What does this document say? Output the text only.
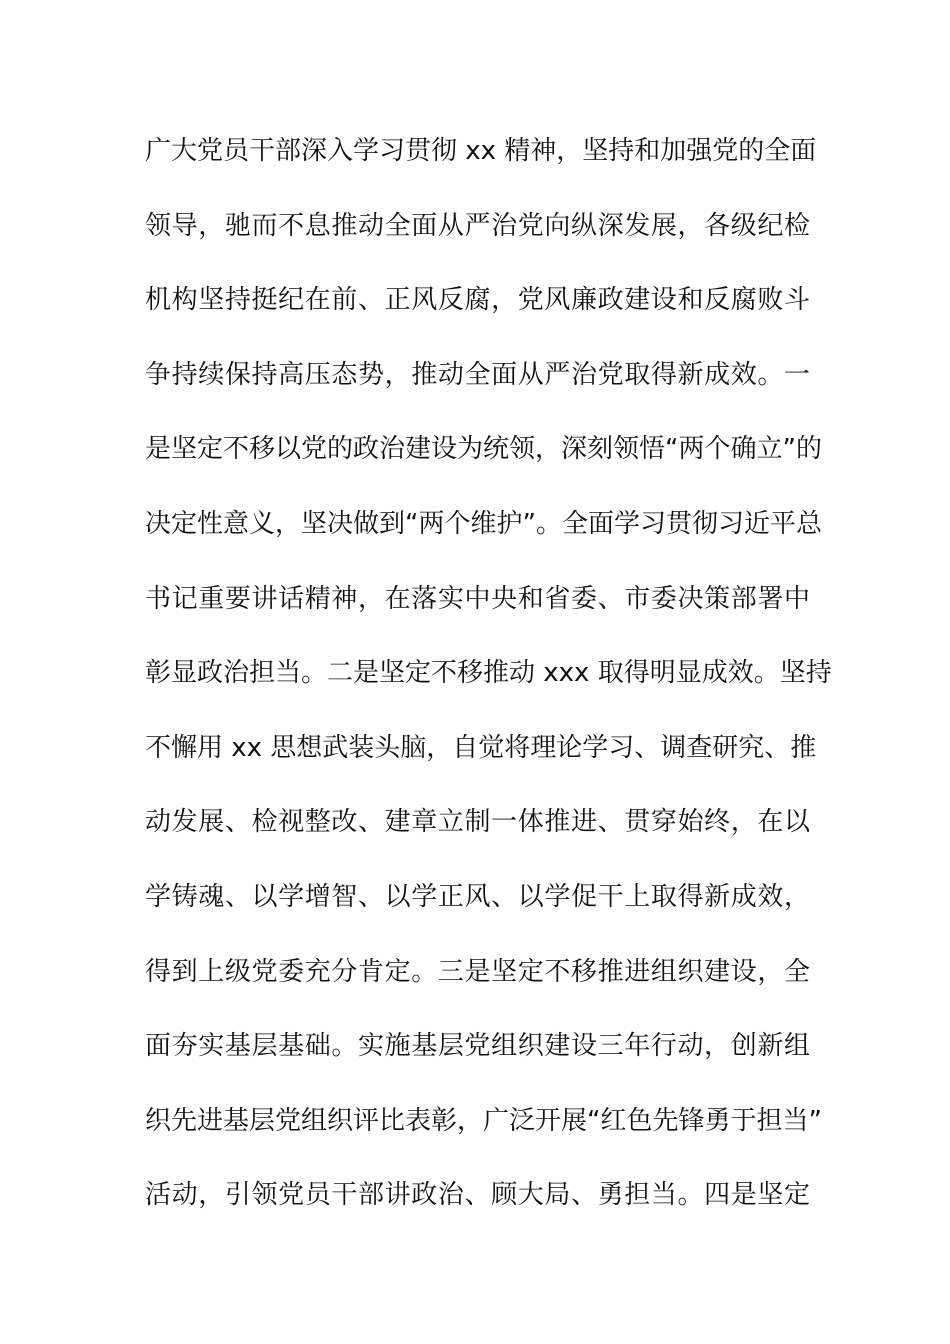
广大党员干部深入学习贯彻 xx 精神，坚持和加强党的全面
领导，驰而不息推动全面从严治党向纵深发展，各级纪检
机构坚持挺纪在前、正风反腐，党风廉政建设和反腐败斗
争持续保持高压态势，推动全面从严治党取得新成效。一
是坚定不移以党的政治建设为统领，深刻领悟“两个确立”的
决定性意义，坚决做到“两个维护”。全面学习贯彻习近平总
书记重要讲话精神，在落实中央和省委、市委决策部署中
彰显政治担当。二是坚定不移推动 xxx 取得明显成效。坚持
不懈用 xx 思想武装头脑，自觉将理论学习、调查研究、推
动发展、检视整改、建章立制一体推进、贯穿始终，在以
学铸魂、以学增智、以学正风、以学促干上取得新成效，
得到上级党委充分肯定。三是坚定不移推进组织建设，全
面夯实基层基础。实施基层党组织建设三年行动，创新组
织先进基层党组织评比表彰，广泛开展“红色先锋勇于担当”
活动，引领党员干部讲政治、顾大局、勇担当。四是坚定
